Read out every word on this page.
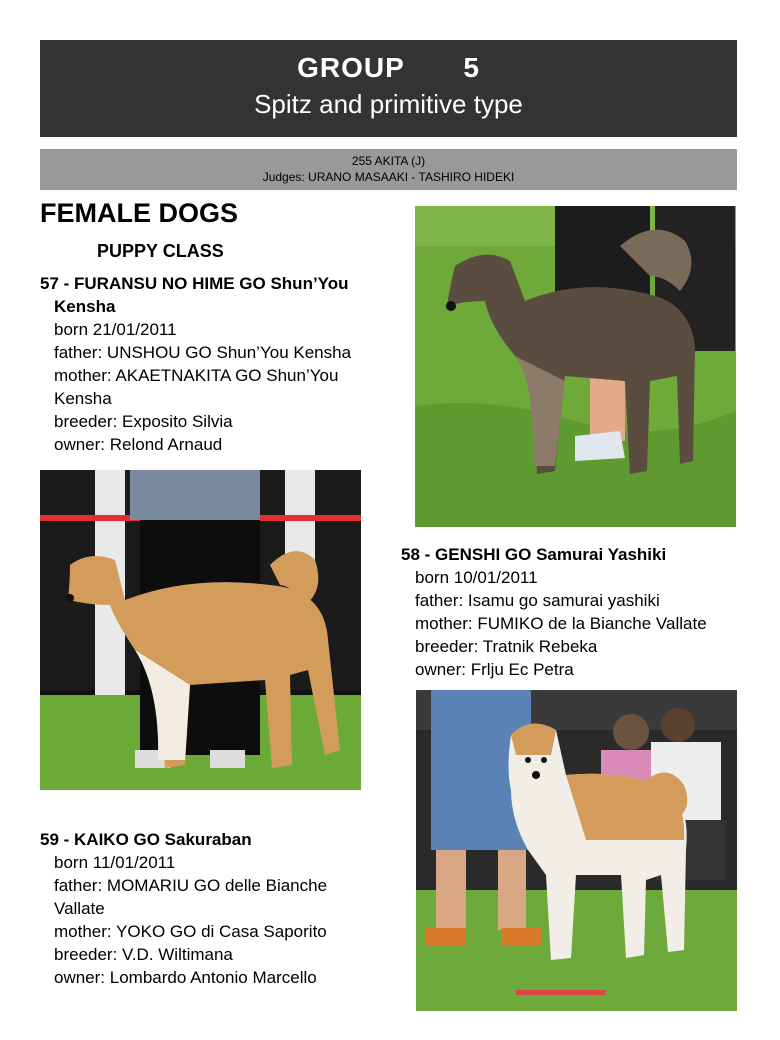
GROUP    5
Spitz and primitive type
255 AKITA (J)
Judges: URANO MASAAKI - TASHIRO HIDEKI
FEMALE DOGS
PUPPY CLASS
57 - FURANSU NO HIME GO Shun’You
Kensha
born 21/01/2011
father: UNSHOU GO Shun’You Kensha
mother: AKAETNAKITA GO Shun’You
Kensha
breeder: Exposito Silvia
owner: Relond Arnaud
58 - GENSHI GO Samurai Yashiki
born 10/01/2011
father: Isamu go samurai yashiki
mother: FUMIKO de la Bianche Vallate
breeder: Tratnik Rebeka
owner: Frlju Ec Petra
59 - KAIKO GO Sakuraban
born 11/01/2011
father: MOMARIU GO delle Bianche
Vallate
mother: YOKO GO di Casa Saporito
breeder: V.D. Wiltimana
owner: Lombardo Antonio Marcello
